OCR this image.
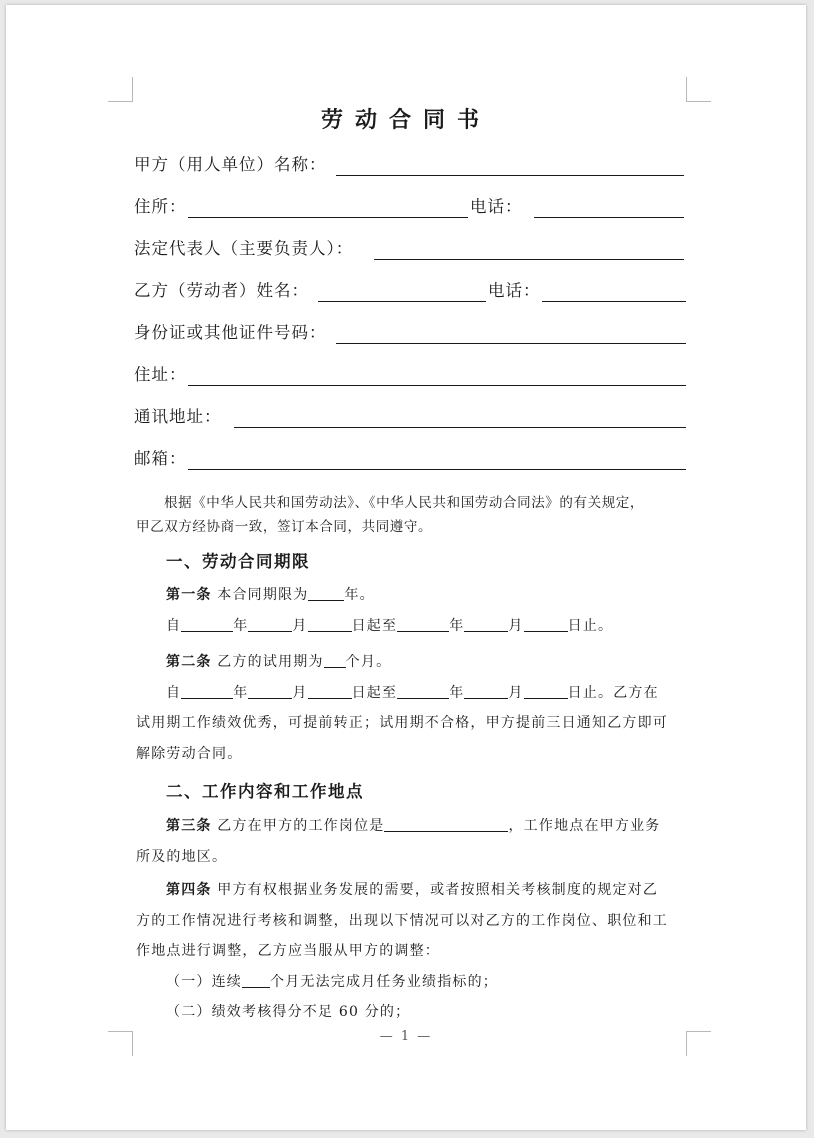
劳动合同书
甲方（用人单位）名称：
住所：	电话：
法定代表人（主要负责人）：
乙方（劳动者）姓名：	电话：
身份证或其他证件号码：
住址：
通讯地址：
邮箱：
根据《中华人民共和国劳动法》、《中华人民共和国劳动合同法》的有关规定，
甲乙双方经协商一致，签订本合同，共同遵守。
一、劳动合同期限
第一条 本合同期限为	年。
自	年	月	日起至	年	月	日止。
第二条 乙方的试用期为 个月。
自	年	月	日起至	年	月	日止。乙方在
试用期工作绩效优秀，可提前转正；试用期不合格，甲方提前三日通知乙方即可
解除劳动合同。
二、工作内容和工作地点
第三条 乙方在甲方的工作岗位是	，工作地点在甲方业务
所及的地区。
第四条 甲方有权根据业务发展的需要，或者按照相关考核制度的规定对乙
方的工作情况进行考核和调整，出现以下情况可以对乙方的工作岗位、职位和工
作地点进行调整，乙方应当服从甲方的调整：
（一）连续 个月无法完成月任务业绩指标的；
（二）绩效考核得分不足 60 分的；
— 1 —
